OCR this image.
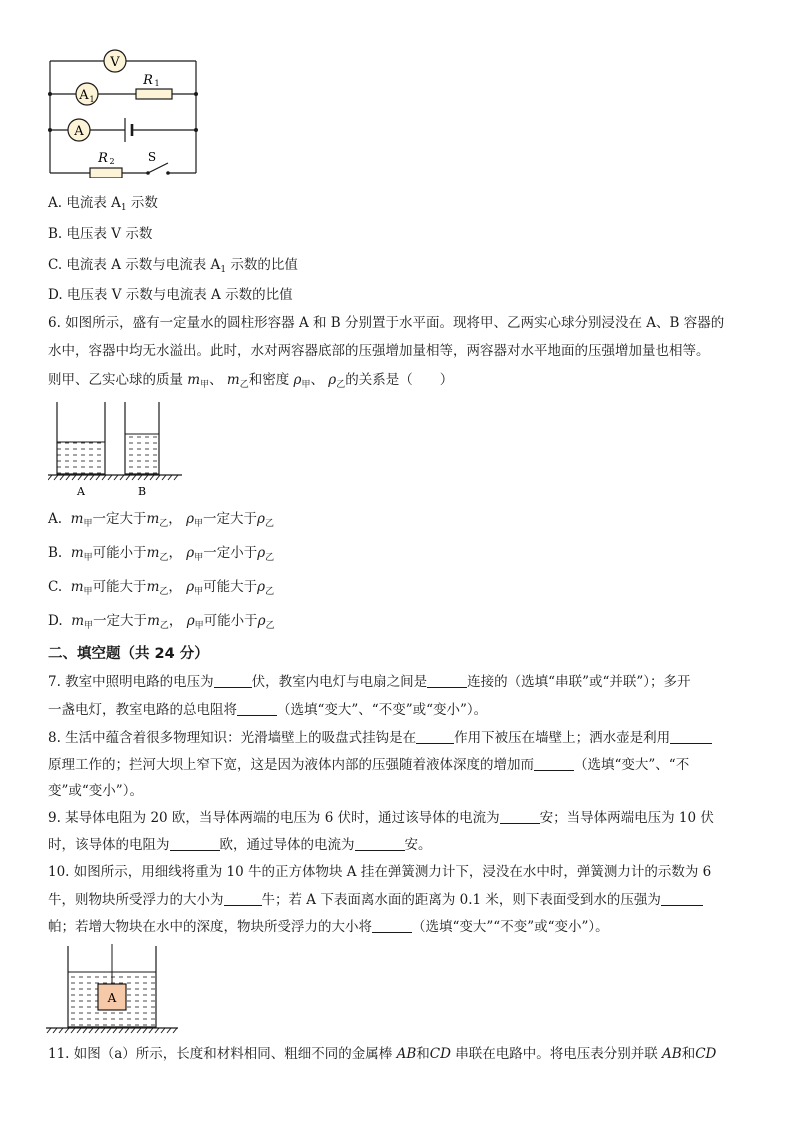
V
A 1
R 1
A
R 2	S
A. 电流表 $A_1$ 示数
B. 电压表 V 示数
C. 电流表 A 示数与电流表 $A_1$ 示数的比值
D. 电压表 V 示数与电流表 A 示数的比值
6. 如图所示，盛有一定量水的圆柱形容器 A 和 B 分别置于水平面。现将甲、乙两实心球分别浸没在 A、B 容器的
水中，容器中均无水溢出。此时，水对两容器底部的压强增加量相等，两容器对水平地面的压强增加量也相等。
则甲、乙实心球的质量 $m_甲$、 $m_乙$和密度 $\rho_甲$、 $\rho_乙$的关系是（　　）
A	B
A. $m_甲$一定大于$m_乙$， $\rho_甲$一定大于$\rho_乙$
B. $m_甲$可能小于$m_乙$， $\rho_甲$一定小于$\rho_乙$
C. $m_甲$可能大于$m_乙$， $\rho_甲$可能大于$\rho_乙$
D. $m_甲$一定大于$m_乙$， $\rho_甲$可能小于$\rho_乙$
二、填空题（共 24 分）
7. 教室中照明电路的电压为	伏，教室内电灯与电扇之间是	连接的（选填“串联”或“并联”）；多开
一盏电灯，教室电路的总电阻将	（选填“变大”、“不变”或“变小”）。
8. 生活中蕴含着很多物理知识：光滑墙壁上的吸盘式挂钩是在	作用下被压在墙壁上；洒水壶是利用
原理工作的；拦河大坝上窄下宽，这是因为液体内部的压强随着液体深度的增加而	（选填“变大”、“不
变”或“变小”）。
9. 某导体电阻为 20 欧，当导体两端的电压为 6 伏时，通过该导体的电流为	安；当导体两端电压为 10 伏
时，该导体的电阻为	欧，通过导体的电流为	安。
10. 如图所示，用细线将重为 10 牛的正方体物块 A 挂在弹簧测力计下，浸没在水中时，弹簧测力计的示数为 6
牛，则物块所受浮力的大小为	牛；若 A 下表面离水面的距离为 0.1 米，则下表面受到水的压强为
帕；若增大物块在水中的深度，物块所受浮力的大小将	（选填“变大”“不变”或“变小”）。
A
11. 如图（a）所示，长度和材料相同、粗细不同的金属棒 AB和CD 串联在电路中。将电压表分别并联 AB和CD
